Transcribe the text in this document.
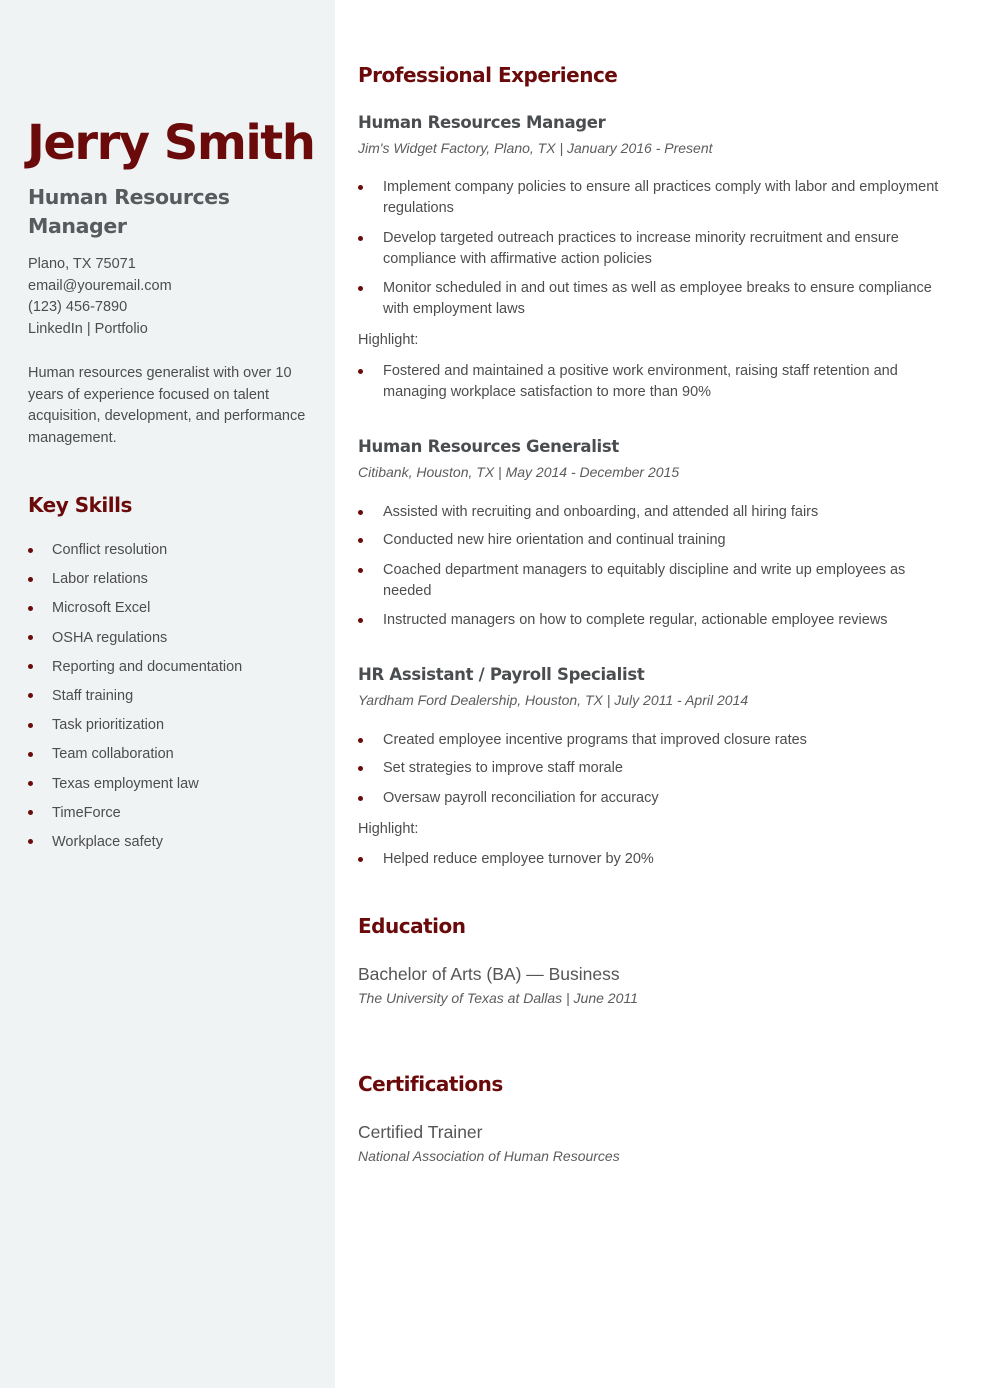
Jerry Smith
Human Resources Manager
Plano, TX 75071
email@youremail.com
(123) 456-7890
LinkedIn | Portfolio

Human resources generalist with over 10 years of experience focused on talent acquisition, development, and performance management.

Key Skills
Conflict resolution
Labor relations
Microsoft Excel
OSHA regulations
Reporting and documentation
Staff training
Task prioritization
Team collaboration
Texas employment law
TimeForce
Workplace safety
Professional Experience
Human Resources Manager
Jim's Widget Factory, Plano, TX | January 2016 - Present
Implement company policies to ensure all practices comply with labor and employment regulations
Develop targeted outreach practices to increase minority recruitment and ensure compliance with affirmative action policies
Monitor scheduled in and out times as well as employee breaks to ensure compliance with employment laws
Highlight:
Fostered and maintained a positive work environment, raising staff retention and managing workplace satisfaction to more than 90%
Human Resources Generalist
Citibank, Houston, TX | May 2014 - December 2015
Assisted with recruiting and onboarding, and attended all hiring fairs
Conducted new hire orientation and continual training
Coached department managers to equitably discipline and write up employees as needed
Instructed managers on how to complete regular, actionable employee reviews
HR Assistant / Payroll Specialist
Yardham Ford Dealership, Houston, TX | July 2011 - April 2014
Created employee incentive programs that improved closure rates
Set strategies to improve staff morale
Oversaw payroll reconciliation for accuracy
Highlight:
Helped reduce employee turnover by 20%
Education
Bachelor of Arts (BA) — Business
The University of Texas at Dallas | June 2011
Certifications
Certified Trainer
National Association of Human Resources
